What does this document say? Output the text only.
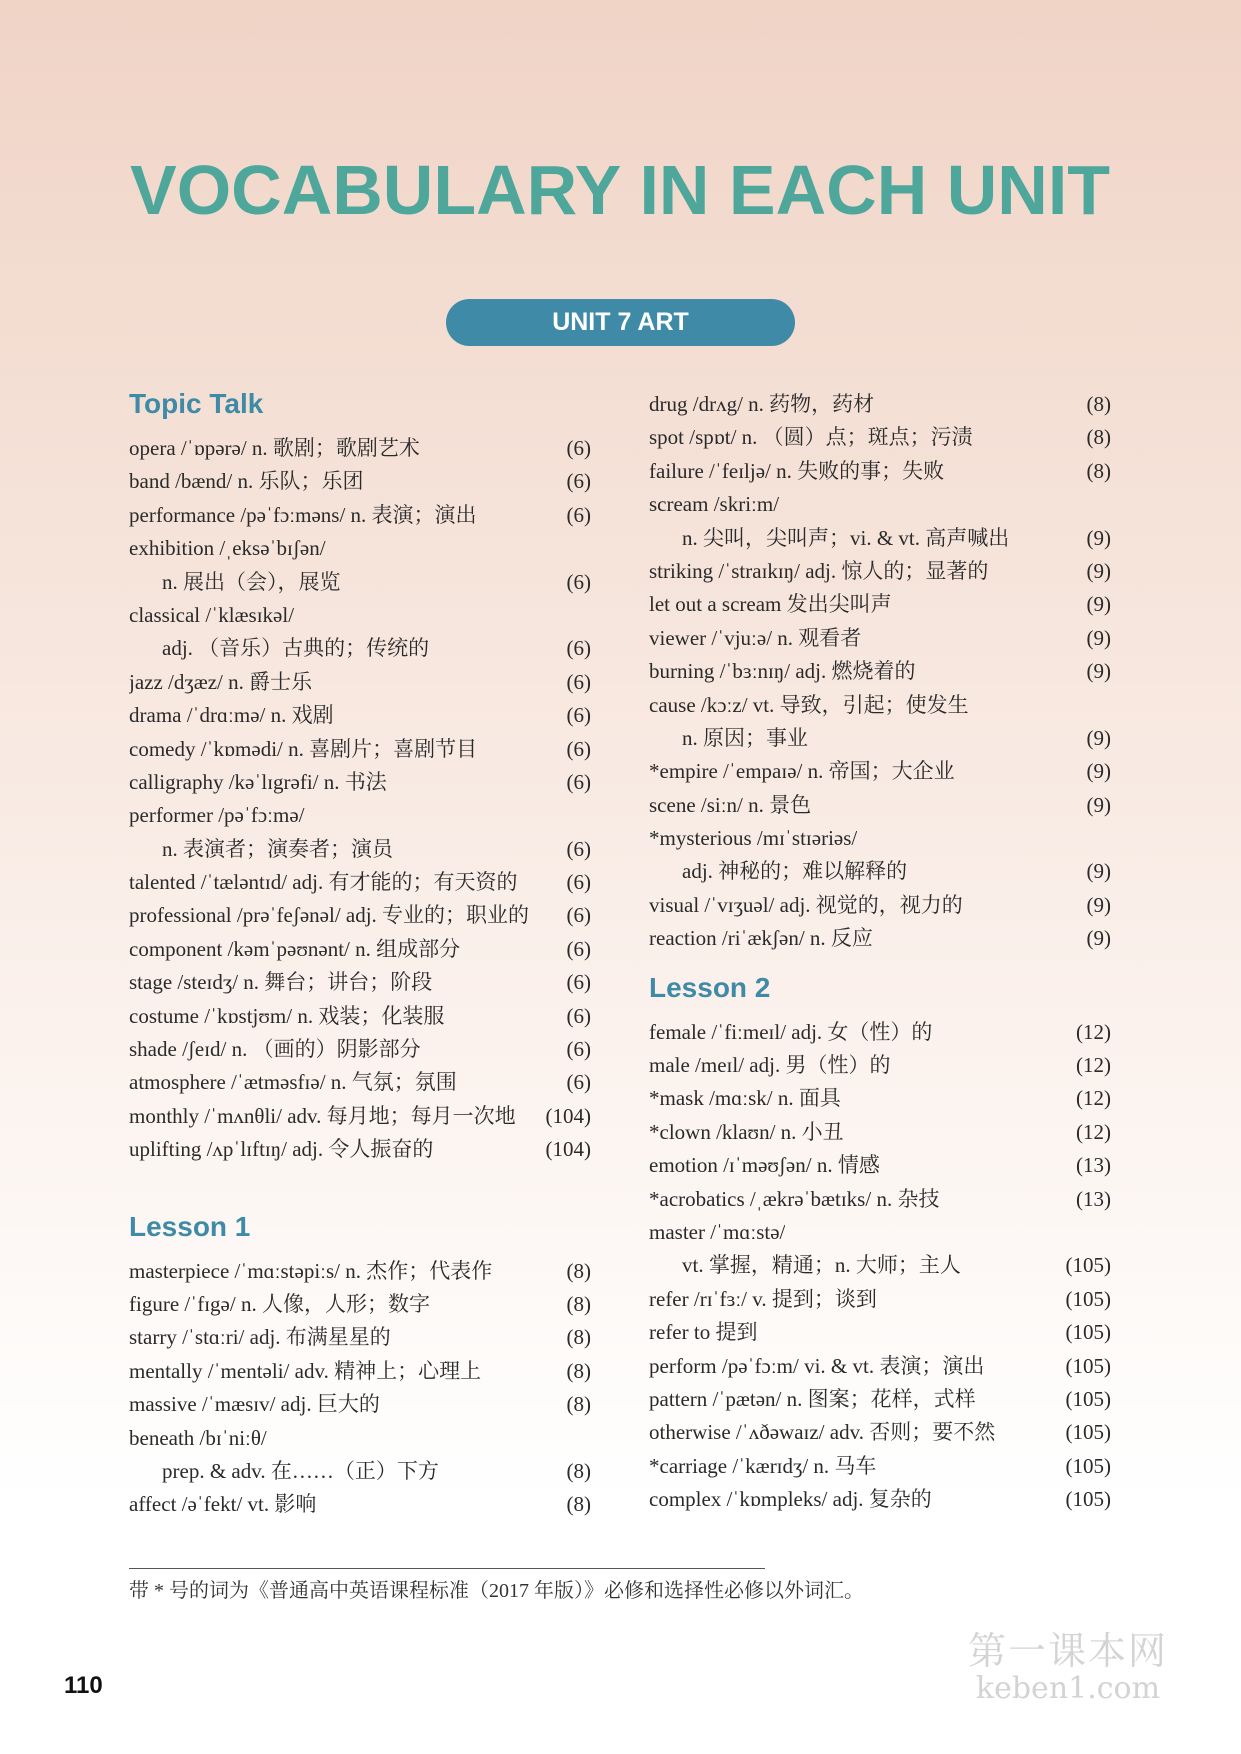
VOCABULARY IN EACH UNIT
UNIT 7 ART
Topic Talk
opera /ˈɒpərə/ n. 歌剧；歌剧艺术	(6)
band /bænd/ n. 乐队；乐团	(6)
performance /pəˈfɔːməns/ n. 表演；演出	(6)
exhibition /ˌeksəˈbɪʃən/
n. 展出（会），展览	(6)
classical /ˈklæsɪkəl/
adj. （音乐）古典的；传统的	(6)
jazz /dʒæz/ n. 爵士乐	(6)
drama /ˈdrɑːmə/ n. 戏剧	(6)
comedy /ˈkɒmədi/ n. 喜剧片；喜剧节目	(6)
calligraphy /kəˈlɪgrəfi/ n. 书法	(6)
performer /pəˈfɔːmə/
n. 表演者；演奏者；演员	(6)
talented /ˈtæləntɪd/ adj. 有才能的；有天资的 (6)
professional /prəˈfeʃənəl/ adj. 专业的；职业的 (6)
component /kəmˈpəʊnənt/ n. 组成部分	(6)
stage /steɪdʒ/ n. 舞台；讲台；阶段	(6)
costume /ˈkɒstjʊm/ n. 戏装；化装服	(6)
shade /ʃeɪd/ n. （画的）阴影部分	(6)
atmosphere /ˈætməsfɪə/ n. 气氛；氛围	(6)
monthly /ˈmʌnθli/ adv. 每月地；每月一次地 (104)
uplifting /ʌpˈlɪftɪŋ/ adj. 令人振奋的	(104)
Lesson 1
masterpiece /ˈmɑːstəpiːs/ n. 杰作；代表作	(8)
figure /ˈfɪgə/ n. 人像，人形；数字	(8)
starry /ˈstɑːri/ adj. 布满星星的	(8)
mentally /ˈmentəli/ adv. 精神上；心理上	(8)
massive /ˈmæsɪv/ adj. 巨大的	(8)
beneath /bɪˈniːθ/
prep. & adv. 在……（正）下方	(8)
affect /əˈfekt/ vt. 影响	(8)
drug /drʌg/ n. 药物，药材	(8)
spot /spɒt/ n. （圆）点；斑点；污渍	(8)
failure /ˈfeɪljə/ n. 失败的事；失败	(8)
scream /skriːm/
n. 尖叫，尖叫声；vi. & vt. 高声喊出	(9)
striking /ˈstraɪkɪŋ/ adj. 惊人的；显著的	(9)
let out a scream 发出尖叫声	(9)
viewer /ˈvjuːə/ n. 观看者	(9)
burning /ˈbɜːnɪŋ/ adj. 燃烧着的	(9)
cause /kɔːz/ vt. 导致，引起；使发生
n. 原因；事业	(9)
*empire /ˈempaɪə/ n. 帝国；大企业	(9)
scene /siːn/ n. 景色	(9)
*mysterious /mɪˈstɪəriəs/
adj. 神秘的；难以解释的	(9)
visual /ˈvɪʒuəl/ adj. 视觉的，视力的	(9)
reaction /riˈækʃən/ n. 反应	(9)
Lesson 2
female /ˈfiːmeɪl/ adj. 女（性）的	(12)
male /meɪl/ adj. 男（性）的	(12)
*mask /mɑːsk/ n. 面具	(12)
*clown /klaʊn/ n. 小丑	(12)
emotion /ɪˈməʊʃən/ n. 情感	(13)
*acrobatics /ˌækrəˈbætɪks/ n. 杂技	(13)
master /ˈmɑːstə/
vt. 掌握，精通；n. 大师；主人	(105)
refer /rɪˈfɜː/ v. 提到；谈到	(105)
refer to 提到	(105)
perform /pəˈfɔːm/ vi. & vt. 表演；演出	(105)
pattern /ˈpætən/ n. 图案；花样，式样	(105)
otherwise /ˈʌðəwaɪz/ adv. 否则；要不然	(105)
*carriage /ˈkærɪdʒ/ n. 马车	(105)
complex /ˈkɒmpleks/ adj. 复杂的	(105)
带 * 号的词为《普通高中英语课程标准（2017 年版）》必修和选择性必修以外词汇。
110
第一课本网
keben1.com
